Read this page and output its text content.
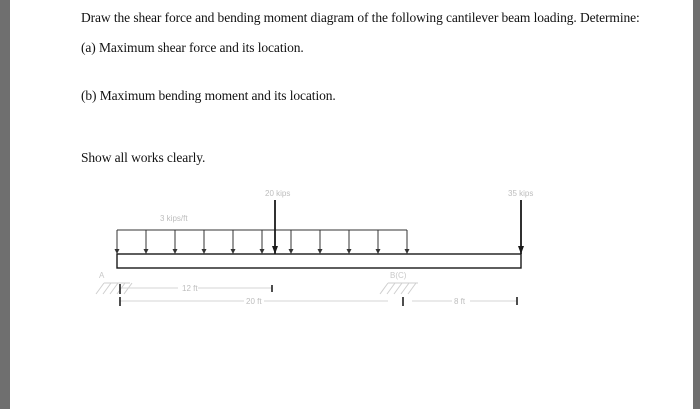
Draw the shear force and bending moment diagram of the following cantilever beam loading. Determine:
(a) Maximum shear force and its location.
(b) Maximum bending moment and its location.
Show all works clearly.
20 kips	35 kips
3 kips/ft
A	B(C)
12 ft
20 ft	8 ft
